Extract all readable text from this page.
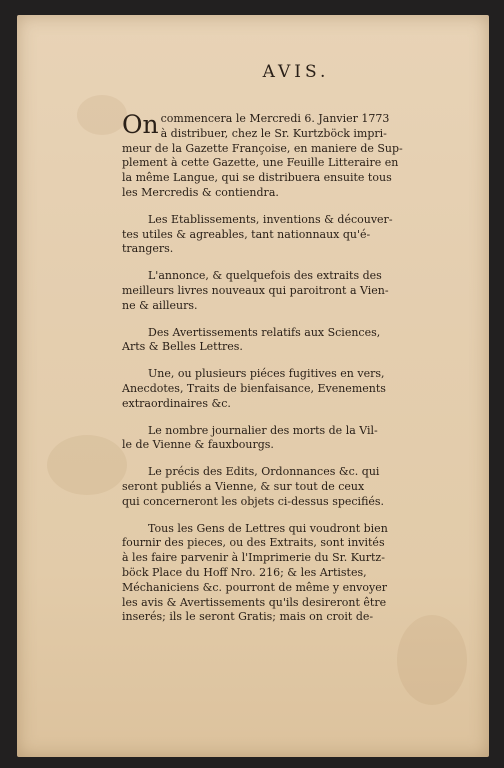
AVIS.
On commencera le Mercredi 6. Janvier 1773
à distribuer, chez le Sr. Kurtzböck impri-
meur de la Gazette Françoise, en maniere de Sup-
plement à cette Gazette, une Feuille Litteraire en
la même Langue, qui se distribuera ensuite tous
les Mercredis & contiendra.
Les Etablissements, inventions & découver-
tes utiles & agreables, tant nationnaux qu'é-
trangers.
L'annonce, & quelquefois des extraits des
meilleurs livres nouveaux qui paroitront a Vien-
ne & ailleurs.
Des Avertissements relatifs aux Sciences,
Arts & Belles Lettres.
Une, ou plusieurs piéces fugitives en vers,
Anecdotes, Traits de bienfaisance, Evenements
extraordinaires &c.
Le nombre journalier des morts de la Vil-
le de Vienne & fauxbourgs.
Le précis des Edits, Ordonnances &c. qui
seront publiés a Vienne, & sur tout de ceux
qui concerneront les objets ci-dessus specifiés.
Tous les Gens de Lettres qui voudront bien
fournir des pieces, ou des Extraits, sont invités
à les faire parvenir à l'Imprimerie du Sr. Kurtz-
böck Place du Hoff Nro. 216; & les Artistes,
Méchaniciens &c. pourront de même y envoyer
les avis & Avertissements qu'ils desireront être
inserés; ils le seront Gratis; mais on croit de-
